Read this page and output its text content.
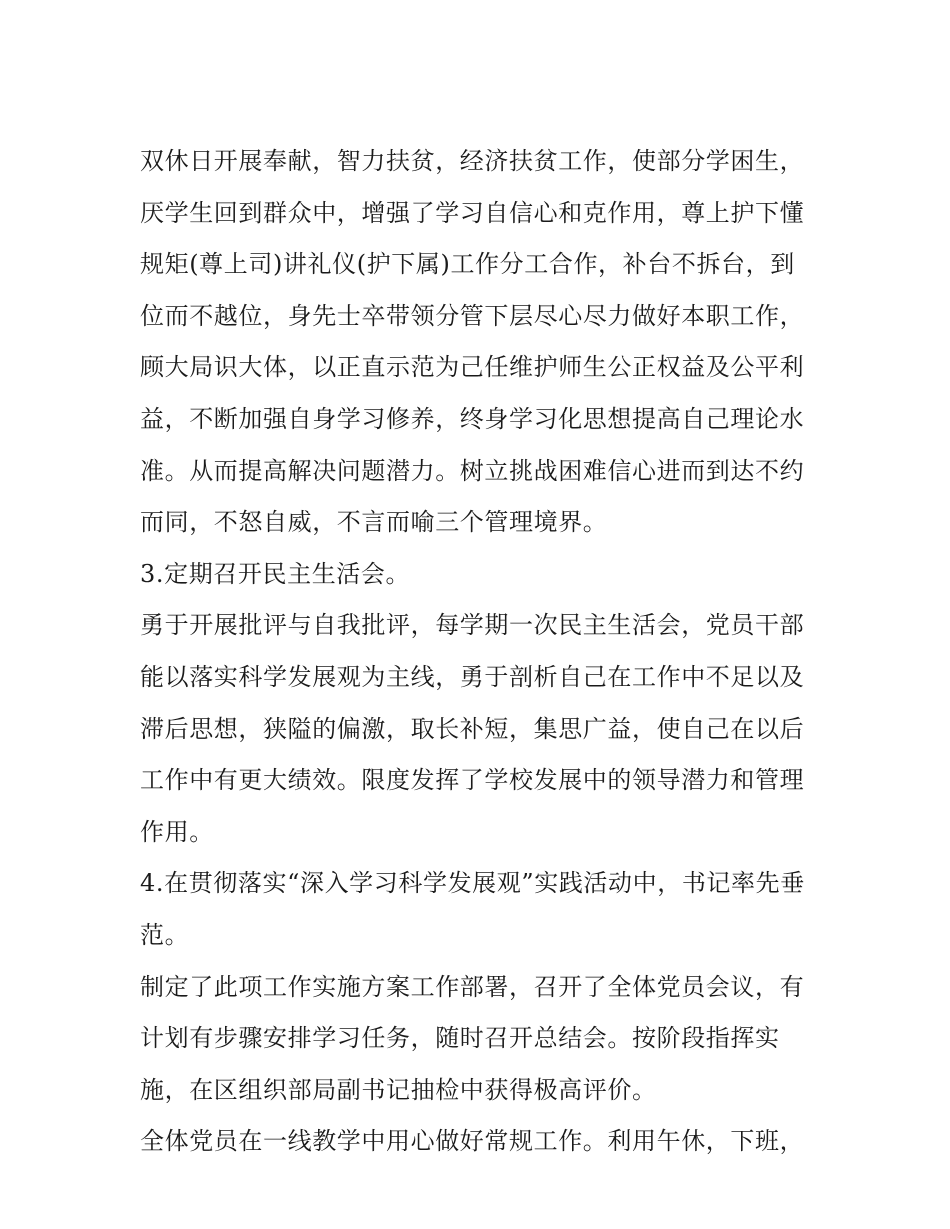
双休日开展奉献，智力扶贫，经济扶贫工作，使部分学困生，
厌学生回到群众中，增强了学习自信心和克作用，尊上护下懂
规矩(尊上司)讲礼仪(护下属)工作分工合作，补台不拆台，到
位而不越位，身先士卒带领分管下层尽心尽力做好本职工作，
顾大局识大体，以正直示范为己任维护师生公正权益及公平利
益，不断加强自身学习修养，终身学习化思想提高自己理论水
准。从而提高解决问题潜力。树立挑战困难信心进而到达不约
而同，不怒自威，不言而喻三个管理境界。
3.定期召开民主生活会。
勇于开展批评与自我批评，每学期一次民主生活会，党员干部
能以落实科学发展观为主线，勇于剖析自己在工作中不足以及
滞后思想，狭隘的偏激，取长补短，集思广益，使自己在以后
工作中有更大绩效。限度发挥了学校发展中的领导潜力和管理
作用。
4.在贯彻落实“深入学习科学发展观”实践活动中，书记率先垂
范。
制定了此项工作实施方案工作部署，召开了全体党员会议，有
计划有步骤安排学习任务，随时召开总结会。按阶段指挥实
施，在区组织部局副书记抽检中获得极高评价。
全体党员在一线教学中用心做好常规工作。利用午休，下班，
